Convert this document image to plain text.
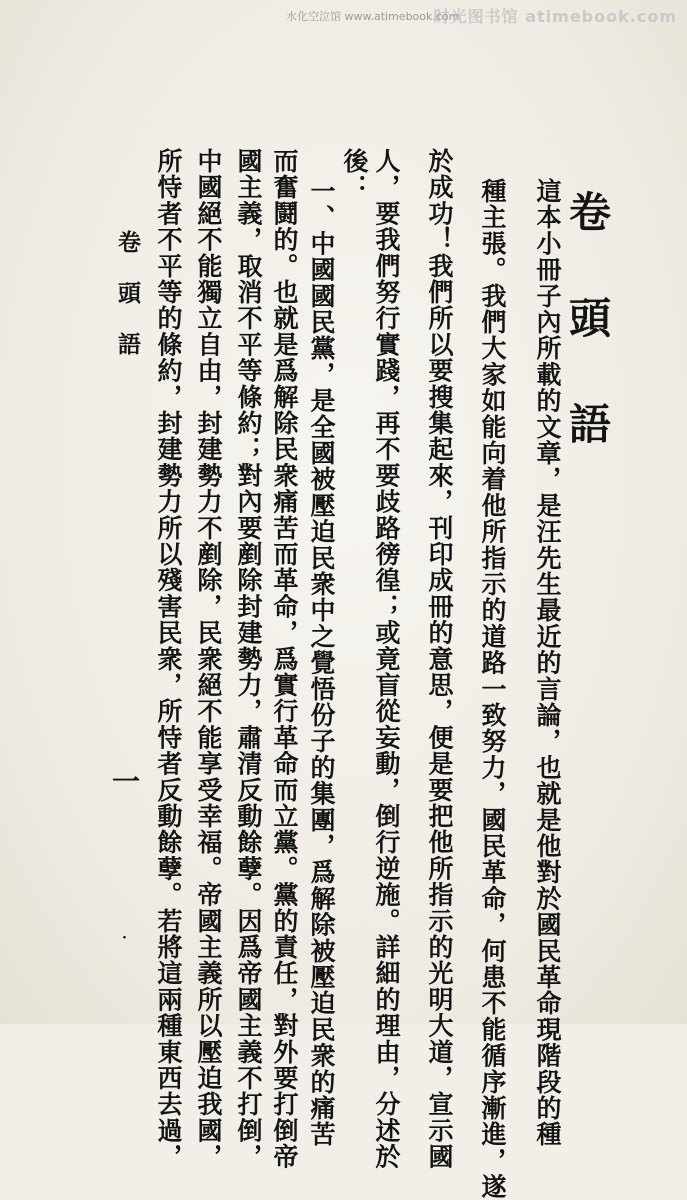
时光图书馆 atimebook.com
水化空泣馆 www.atimebook.com
卷頭語
這本小冊子內所載的文章，是汪先生最近的言論，也就是他對於國民革命現階段的種
種主張。我們大家如能向着他所指示的道路一致努力，國民革命，何患不能循序漸進，遂
於成功！我們所以要搜集起來，刊印成冊的意思，便是要把他所指示的光明大道，宣示國
人，要我們努行實踐，再不要歧路徬徨；或竟盲從妄動，倒行逆施。詳細的理由，分述於
後：
一、中國國民黨，是全國被壓迫民衆中之覺悟份子的集團，爲解除被壓迫民衆的痛苦
而奮鬪的。也就是爲解除民衆痛苦而革命，爲實行革命而立黨。黨的責任，對外要打倒帝
國主義，取消不平等條約；對內要剷除封建勢力，肅清反動餘孽。因爲帝國主義不打倒，
中國絕不能獨立自由，封建勢力不剷除，民衆絕不能享受幸福。帝國主義所以壓迫我國，
所恃者不平等的條約，封建勢力所以殘害民衆，所恃者反動餘孽。若將這兩種東西去過，
卷頭語
一
·
